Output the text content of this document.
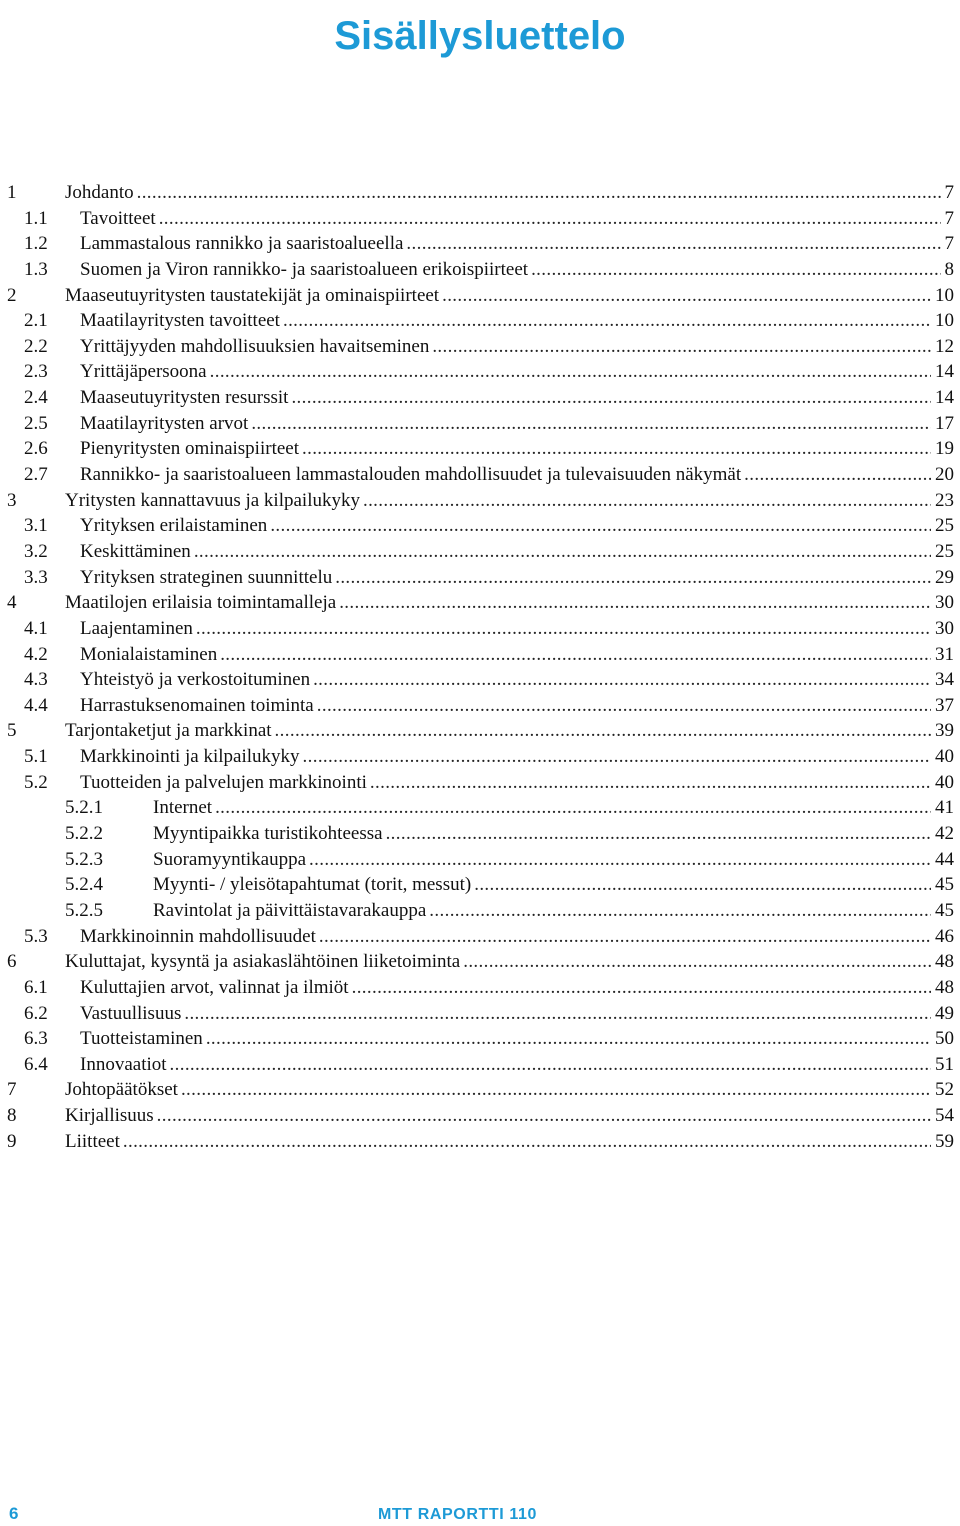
Sisällysluettelo
1	Johdanto . . .	7
1.1 Tavoitteet . . .	7
1.2 Lammastalous rannikko ja saaristoalueella . . .	7
1.3 Suomen ja Viron rannikko- ja saaristoalueen erikoispiirteet . . .	8
2	Maaseutuyritysten taustatekijät ja ominaispiirteet . . .	10
2.1 Maatilayritysten tavoitteet . . .	10
2.2 Yrittäjyyden mahdollisuuksien havaitseminen . . .	12
2.3 Yrittäjäpersoona . . .	14
2.4 Maaseutuyritysten resurssit . . .	14
2.5 Maatilayritysten arvot . . .	17
2.6 Pienyritysten ominaispiirteet . . .	19
2.7 Rannikko- ja saaristoalueen lammastalouden mahdollisuudet ja tulevaisuuden näkymät . . .	20
3	Yritysten kannattavuus ja kilpailukyky . . .	23
3.1 Yrityksen erilaistaminen . . .	25
3.2 Keskittäminen . . .	25
3.3 Yrityksen strateginen suunnittelu . . .	29
4	Maatilojen erilaisia toimintamalleja . . .	30
4.1 Laajentaminen . . .	30
4.2 Monialaistaminen . . .	31
4.3 Yhteistyö ja verkostoituminen . . .	34
4.4 Harrastuksenomainen toiminta . . .	37
5	Tarjontaketjut ja markkinat . . .	39
5.1 Markkinointi ja kilpailukyky . . .	40
5.2 Tuotteiden ja palvelujen markkinointi . . .	40
5.2.1	Internet . . .	41
5.2.2	Myyntipaikka turistikohteessa . . .	42
5.2.3	Suoramyyntikauppa . . .	44
5.2.4	Myynti- / yleisötapahtumat (torit, messut) . . .	45
5.2.5	Ravintolat ja päivittäistavarakauppa . . .	45
5.3 Markkinoinnin mahdollisuudet . . .	46
6	Kuluttajat, kysyntä ja asiakaslähtöinen liiketoiminta . . .	48
6.1 Kuluttajien arvot, valinnat ja ilmiöt . . .	48
6.2 Vastuullisuus . . .	49
6.3 Tuotteistaminen . . .	50
6.4 Innovaatiot . . .	51
7	Johtopäätökset . . .	52
8	Kirjallisuus . . .	54
9	Liitteet . . .	59
6	MTT RAPORTTI 110
